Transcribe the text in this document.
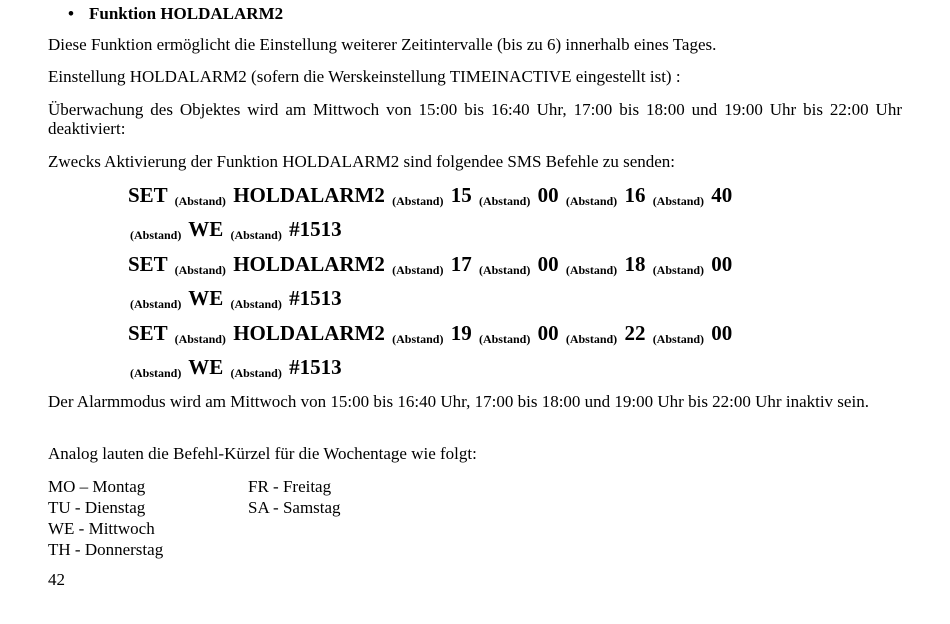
• Funktion HOLDALARM2

Diese Funktion ermöglicht die Einstellung weiterer Zeitintervalle (bis zu 6) innerhalb eines Tages.

Einstellung HOLDALARM2 (sofern die Werskeinstellung TIMEINACTIVE eingestellt ist) :

Überwachung des Objektes wird am Mittwoch von 15:00 bis 16:40 Uhr, 17:00 bis 18:00 und 19:00 Uhr bis 22:00 Uhr deaktiviert:

Zwecks Aktivierung der Funktion HOLDALARM2 sind folgendee SMS Befehle zu senden:

SET (Abstand) HOLDALARM2 (Abstand) 15 (Abstand) 00 (Abstand) 16 (Abstand) 40
(Abstand) WE (Abstand) #1513
SET (Abstand) HOLDALARM2 (Abstand) 17 (Abstand) 00 (Abstand) 18 (Abstand) 00
(Abstand) WE (Abstand) #1513
SET (Abstand) HOLDALARM2 (Abstand) 19 (Abstand) 00 (Abstand) 22 (Abstand) 00
(Abstand) WE (Abstand) #1513

Der Alarmmodus wird am Mittwoch von 15:00 bis 16:40 Uhr, 17:00 bis 18:00 und 19:00 Uhr bis 22:00 Uhr inaktiv sein.

Analog lauten die Befehl-Kürzel für die Wochentage wie folgt:

MO – Montag
TU - Dienstag
WE - Mittwoch
TH - Donnerstag
FR - Freitag
SA - Samstag
42
